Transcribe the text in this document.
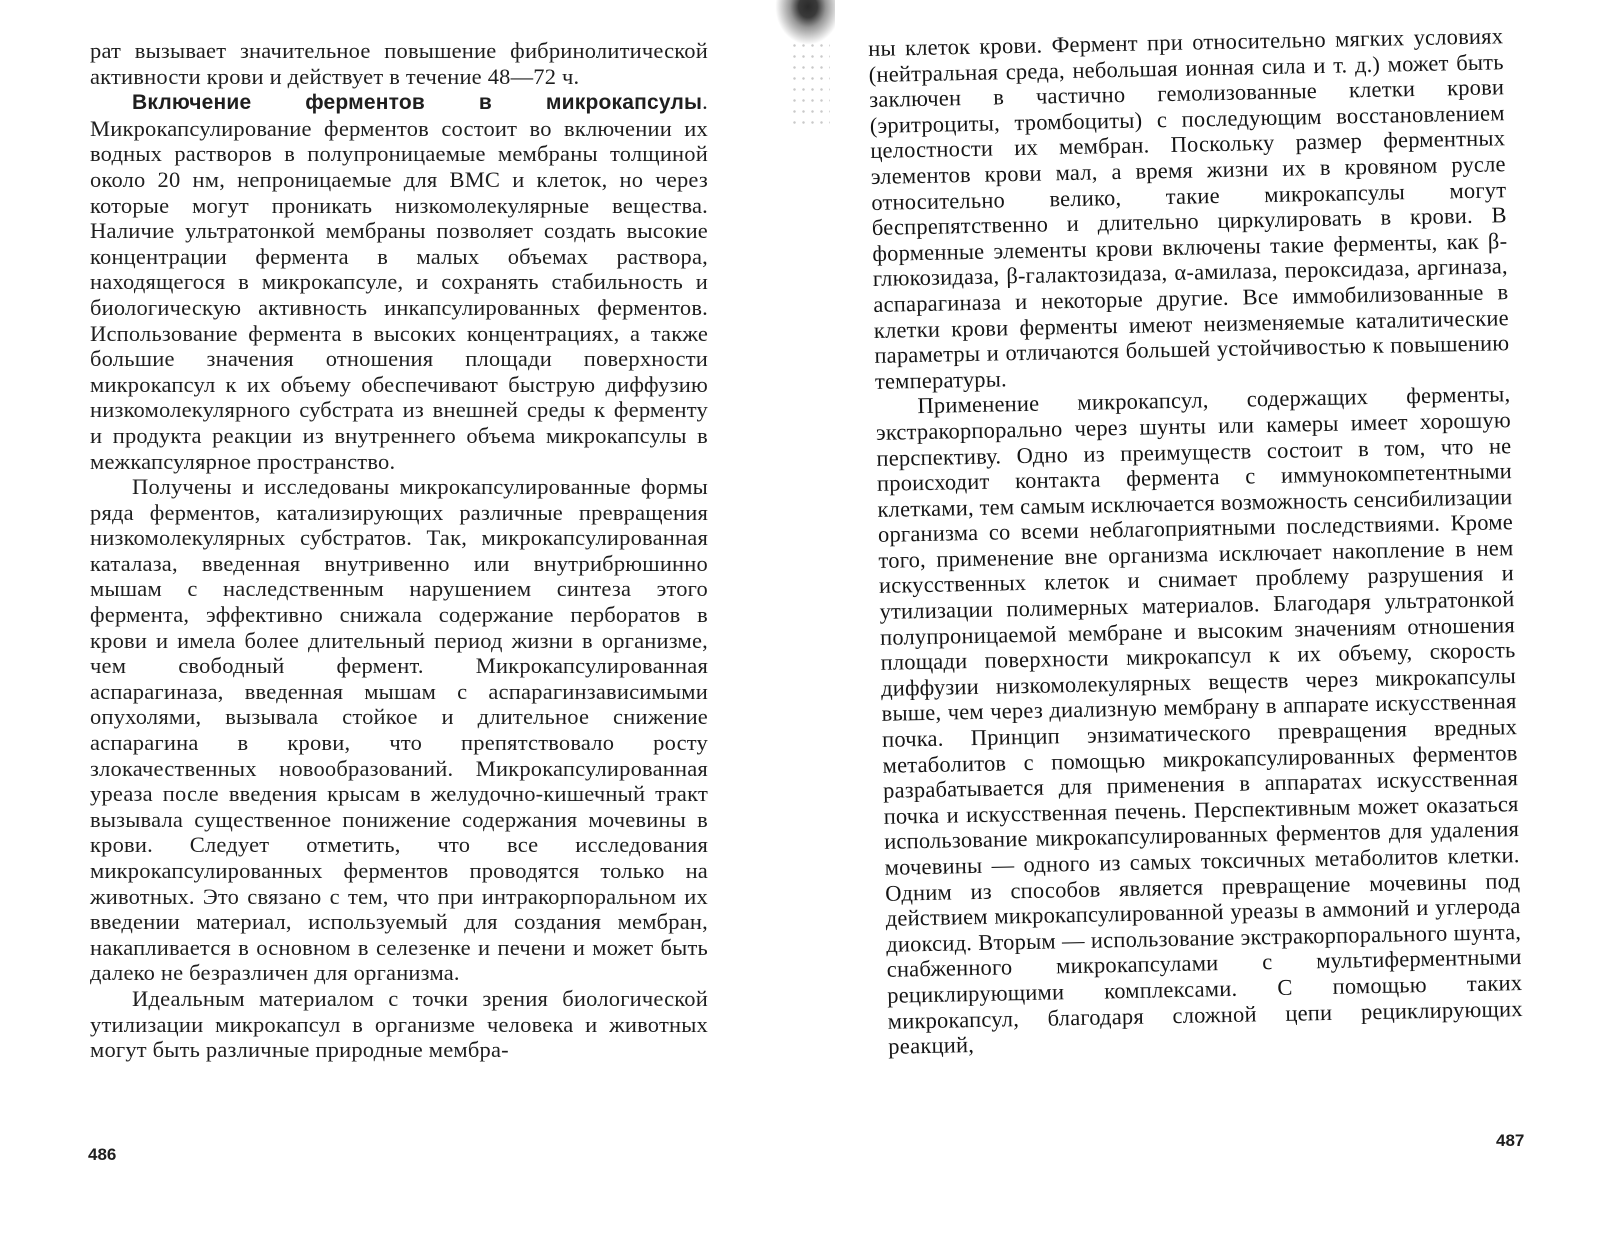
рат вызывает значительное повышение фибринолитической активности крови и действует в течение 48—72 ч.

Включение ферментов в микрокапсулы. Микрокапсулирование ферментов состоит во включении их водных растворов в полупроницаемые мембраны толщиной около 20 нм, непроницаемые для ВМС и клеток, но через которые могут проникать низкомолекулярные вещества. Наличие ультратонкой мембраны позволяет создать высокие концентрации фермента в малых объемах раствора, находящегося в микрокапсуле, и сохранять стабильность и биологическую активность инкапсулированных ферментов. Использование фермента в высоких концентрациях, а также большие значения отношения площади поверхности микрокапсул к их объему обеспечивают быструю диффузию низкомолекулярного субстрата из внешней среды к ферменту и продукта реакции из внутреннего объема микрокапсулы в межкапсулярное пространство.

Получены и исследованы микрокапсулированные формы ряда ферментов, катализирующих различные превращения низкомолекулярных субстратов. Так, микрокапсулированная каталаза, введенная внутривенно или внутрибрюшинно мышам с наследственным нарушением синтеза этого фермента, эффективно снижала содержание перборатов в крови и имела более длительный период жизни в организме, чем свободный фермент. Микрокапсулированная аспарагиназа, введенная мышам с аспарагинзависимыми опухолями, вызывала стойкое и длительное снижение аспарагина в крови, что препятствовало росту злокачественных новообразований. Микрокапсулированная уреаза после введения крысам в желудочно-кишечный тракт вызывала существенное понижение содержания мочевины в крови. Следует отметить, что все исследования микрокапсулированных ферментов проводятся только на животных. Это связано с тем, что при интракорпоральном их введении материал, используемый для создания мембран, накапливается в основном в селезенке и печени и может быть далеко не безразличен для организма.

Идеальным материалом с точки зрения биологической утилизации микрокапсул в организме человека и животных могут быть различные природные мембра-

486

ны клеток крови. Фермент при относительно мягких условиях (нейтральная среда, небольшая ионная сила и т. д.) может быть заключен в частично гемолизованные клетки крови (эритроциты, тромбоциты) с последующим восстановлением целостности их мембран. Поскольку размер ферментных элементов крови мал, а время жизни их в кровяном русле относительно велико, такие микрокапсулы могут беспрепятственно и длительно циркулировать в крови. В форменные элементы крови включены такие ферменты, как β-глюкозидаза, β-галактозидаза, α-амилаза, пероксидаза, аргиназа, аспарагиназа и некоторые другие. Все иммобилизованные в клетки крови ферменты имеют неизменяемые каталитические параметры и отличаются большей устойчивостью к повышению температуры.

Применение микрокапсул, содержащих ферменты, экстракорпорально через шунты или камеры имеет хорошую перспективу. Одно из преимуществ состоит в том, что не происходит контакта фермента с иммунокомпетентными клетками, тем самым исключается возможность сенсибилизации организма со всеми неблагоприятными последствиями. Кроме того, применение вне организма исключает накопление в нем искусственных клеток и снимает проблему разрушения и утилизации полимерных материалов. Благодаря ультратонкой полупроницаемой мембране и высоким значениям отношения площади поверхности микрокапсул к их объему, скорость диффузии низкомолекулярных веществ через микрокапсулы выше, чем через диализную мембрану в аппарате искусственная почка. Принцип энзиматического превращения вредных метаболитов с помощью микрокапсулированных ферментов разрабатывается для применения в аппаратах искусственная почка и искусственная печень. Перспективным может оказаться использование микрокапсулированных ферментов для удаления мочевины — одного из самых токсичных метаболитов клетки. Одним из способов является превращение мочевины под действием микрокапсулированной уреазы в аммоний и углерода диоксид. Вторым — использование экстракорпорального шунта, снабженного микрокапсулами с мультиферментными рециклирующими комплексами. С помощью таких микрокапсул, благодаря сложной цепи рециклирующих реакций,

487
